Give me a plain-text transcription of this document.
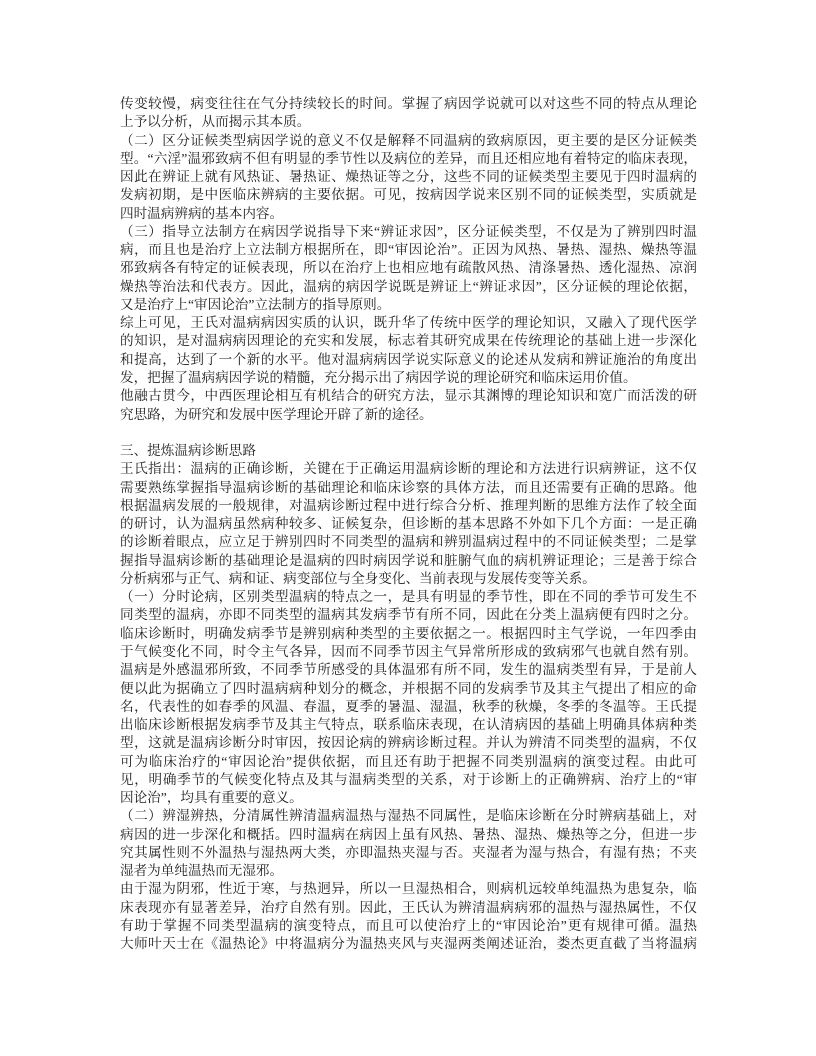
传变较慢，病变往往在气分持续较长的时间。掌握了病因学说就可以对这些不同的特点从理论
上予以分析，从而揭示其本质。
（二）区分证候类型病因学说的意义不仅是解释不同温病的致病原因，更主要的是区分证候类
型。“六淫”温邪致病不但有明显的季节性以及病位的差异，而且还相应地有着特定的临床表现，
因此在辨证上就有风热证、暑热证、燥热证等之分，这些不同的证候类型主要见于四时温病的
发病初期，是中医临床辨病的主要依据。可见，按病因学说来区别不同的证候类型，实质就是
四时温病辨病的基本内容。
（三）指导立法制方在病因学说指导下来“辨证求因”，区分证候类型，不仅是为了辨别四时温
病，而且也是治疗上立法制方根据所在，即“审因论治”。正因为风热、暑热、湿热、燥热等温
邪致病各有特定的证候表现，所以在治疗上也相应地有疏散风热、清涤暑热、透化湿热、凉润
燥热等治法和代表方。因此，温病的病因学说既是辨证上“辨证求因”，区分证候的理论依据，
又是治疗上“审因论治”立法制方的指导原则。
综上可见，王氏对温病病因实质的认识，既升华了传统中医学的理论知识，又融入了现代医学
的知识，是对温病病因理论的充实和发展，标志着其研究成果在传统理论的基础上进一步深化
和提高，达到了一个新的水平。他对温病病因学说实际意义的论述从发病和辨证施治的角度出
发，把握了温病病因学说的精髓，充分揭示出了病因学说的理论研究和临床运用价值。
他融古贯今，中西医理论相互有机结合的研究方法，显示其渊博的理论知识和宽广而活泼的研
究思路，为研究和发展中医学理论开辟了新的途径。
三、提炼温病诊断思路
王氏指出：温病的正确诊断，关键在于正确运用温病诊断的理论和方法进行识病辨证，这不仅
需要熟练掌握指导温病诊断的基础理论和临床诊察的具体方法，而且还需要有正确的思路。他
根据温病发展的一般规律，对温病诊断过程中进行综合分析、推理判断的思维方法作了较全面
的研讨，认为温病虽然病种较多、证候复杂，但诊断的基本思路不外如下几个方面：一是正确
的诊断着眼点，应立足于辨别四时不同类型的温病和辨别温病过程中的不同证候类型；二是掌
握指导温病诊断的基础理论是温病的四时病因学说和脏腑气血的病机辨证理论；三是善于综合
分析病邪与正气、病和证、病变部位与全身变化、当前表现与发展传变等关系。
（一）分时论病，区别类型温病的特点之一，是具有明显的季节性，即在不同的季节可发生不
同类型的温病，亦即不同类型的温病其发病季节有所不同，因此在分类上温病便有四时之分。
临床诊断时，明确发病季节是辨别病种类型的主要依据之一。根据四时主气学说，一年四季由
于气候变化不同，时令主气各异，因而不同季节因主气异常所形成的致病邪气也就自然有别。
温病是外感温邪所致，不同季节所感受的具体温邪有所不同，发生的温病类型有异，于是前人
便以此为据确立了四时温病病种划分的概念，并根据不同的发病季节及其主气提出了相应的命
名，代表性的如春季的风温、春温，夏季的暑温、湿温，秋季的秋燥，冬季的冬温等。王氏提
出临床诊断根据发病季节及其主气特点，联系临床表现，在认清病因的基础上明确具体病种类
型，这就是温病诊断分时审因，按因论病的辨病诊断过程。并认为辨清不同类型的温病，不仅
可为临床治疗的“审因论治”提供依据，而且还有助于把握不同类别温病的演变过程。由此可
见，明确季节的气候变化特点及其与温病类型的关系，对于诊断上的正确辨病、治疗上的“审
因论治”，均具有重要的意义。
（二）辨湿辨热，分清属性辨清温病温热与湿热不同属性，是临床诊断在分时辨病基础上，对
病因的进一步深化和概括。四时温病在病因上虽有风热、暑热、湿热、燥热等之分，但进一步
究其属性则不外温热与湿热两大类，亦即温热夹湿与否。夹湿者为湿与热合，有湿有热；不夹
湿者为单纯温热而无湿邪。
由于湿为阴邪，性近于寒，与热迥异，所以一旦湿热相合，则病机远较单纯温热为患复杂，临
床表现亦有显著差异，治疗自然有别。因此，王氏认为辨清温病病邪的温热与湿热属性，不仅
有助于掌握不同类型温病的演变特点，而且可以使治疗上的“审因论治”更有规律可循。温热
大师叶天士在《温热论》中将温病分为温热夹风与夹湿两类阐述证治，娄杰更直截了当将温病
